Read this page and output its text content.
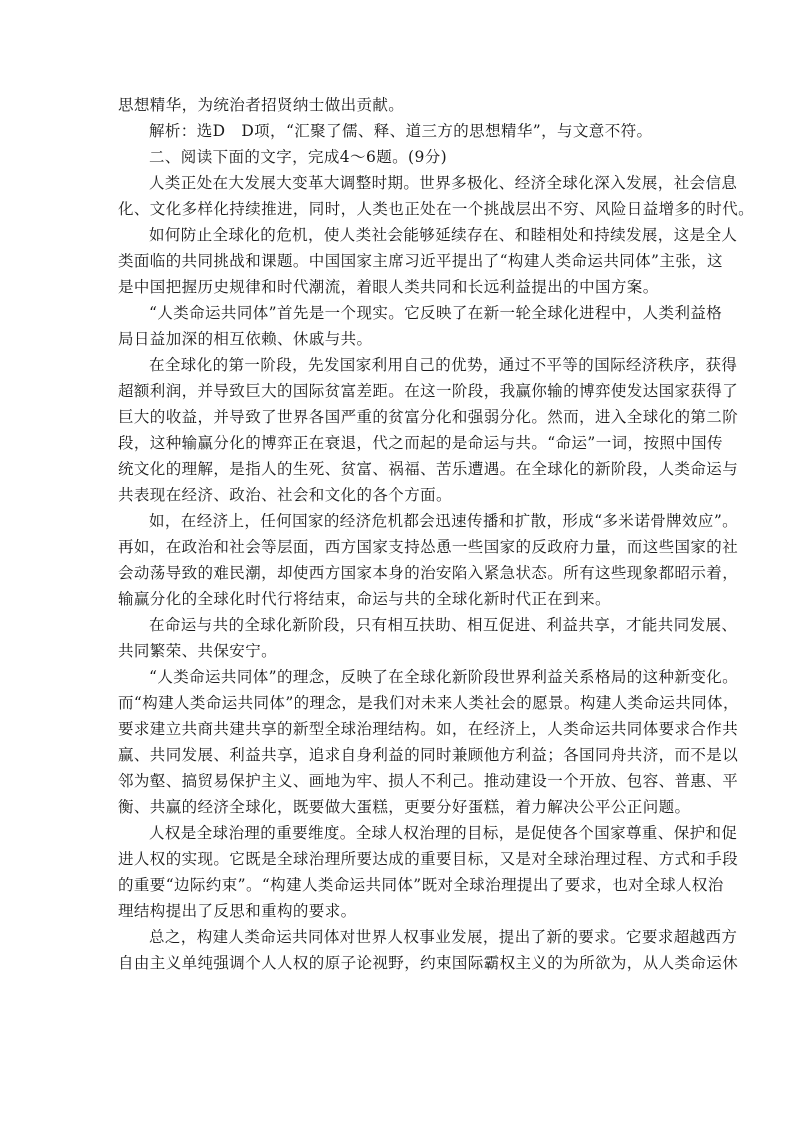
思想精华，为统治者招贤纳士做出贡献。
解析：选D　D项，“汇聚了儒、释、道三方的思想精华”，与文意不符。
二、阅读下面的文字，完成4～6题。(9分)
人类正处在大发展大变革大调整时期。世界多极化、经济全球化深入发展，社会信息
化、文化多样化持续推进，同时，人类也正处在一个挑战层出不穷、风险日益增多的时代。
如何防止全球化的危机，使人类社会能够延续存在、和睦相处和持续发展，这是全人
类面临的共同挑战和课题。中国国家主席习近平提出了“构建人类命运共同体”主张，这
是中国把握历史规律和时代潮流，着眼人类共同和长远利益提出的中国方案。
“人类命运共同体”首先是一个现实。它反映了在新一轮全球化进程中，人类利益格
局日益加深的相互依赖、休戚与共。
在全球化的第一阶段，先发国家利用自己的优势，通过不平等的国际经济秩序，获得
超额利润，并导致巨大的国际贫富差距。在这一阶段，我赢你输的博弈使发达国家获得了
巨大的收益，并导致了世界各国严重的贫富分化和强弱分化。然而，进入全球化的第二阶
段，这种输赢分化的博弈正在衰退，代之而起的是命运与共。“命运”一词，按照中国传
统文化的理解，是指人的生死、贫富、祸福、苦乐遭遇。在全球化的新阶段，人类命运与
共表现在经济、政治、社会和文化的各个方面。
如，在经济上，任何国家的经济危机都会迅速传播和扩散，形成“多米诺骨牌效应”。
再如，在政治和社会等层面，西方国家支持怂恿一些国家的反政府力量，而这些国家的社
会动荡导致的难民潮，却使西方国家本身的治安陷入紧急状态。所有这些现象都昭示着，
输赢分化的全球化时代行将结束，命运与共的全球化新时代正在到来。
在命运与共的全球化新阶段，只有相互扶助、相互促进、利益共享，才能共同发展、
共同繁荣、共保安宁。
“人类命运共同体”的理念，反映了在全球化新阶段世界利益关系格局的这种新变化。
而“构建人类命运共同体”的理念，是我们对未来人类社会的愿景。构建人类命运共同体，
要求建立共商共建共享的新型全球治理结构。如，在经济上，人类命运共同体要求合作共
赢、共同发展、利益共享，追求自身利益的同时兼顾他方利益；各国同舟共济，而不是以
邻为壑、搞贸易保护主义、画地为牢、损人不利己。推动建设一个开放、包容、普惠、平
衡、共赢的经济全球化，既要做大蛋糕，更要分好蛋糕，着力解决公平公正问题。
人权是全球治理的重要维度。全球人权治理的目标，是促使各个国家尊重、保护和促
进人权的实现。它既是全球治理所要达成的重要目标，又是对全球治理过程、方式和手段
的重要“边际约束”。“构建人类命运共同体”既对全球治理提出了要求，也对全球人权治
理结构提出了反思和重构的要求。
总之，构建人类命运共同体对世界人权事业发展，提出了新的要求。它要求超越西方
自由主义单纯强调个人人权的原子论视野，约束国际霸权主义的为所欲为，从人类命运休
